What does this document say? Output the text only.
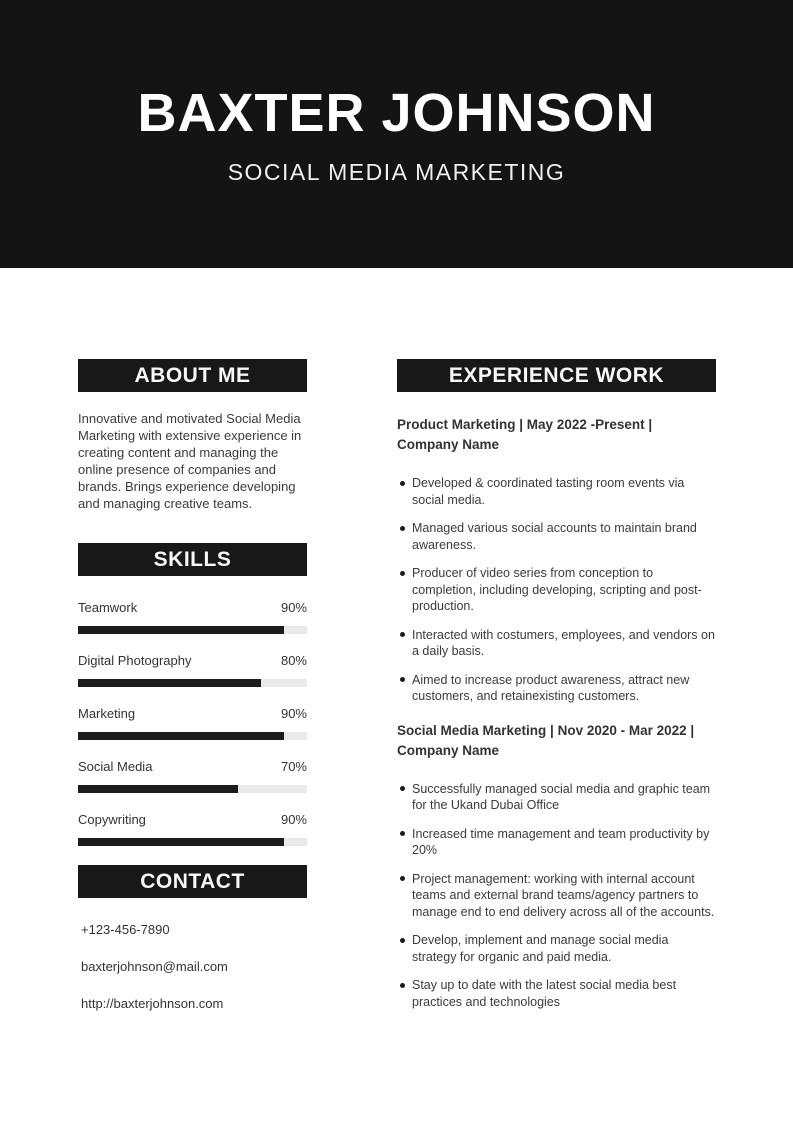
BAXTER JOHNSON
SOCIAL MEDIA MARKETING
ABOUT ME
Innovative and motivated Social Media Marketing with extensive experience in creating content and managing the online presence of companies and brands. Brings experience developing and managing creative teams.
SKILLS
Teamwork	90%
Digital Photography	80%
Marketing	90%
Social Media	70%
Copywriting	90%
CONTACT
+123-456-7890
baxterjohnson@mail.com
http://baxterjohnson.com
EXPERIENCE WORK
Product Marketing | May 2022 -Present |
Company Name
Developed & coordinated tasting room events via social media.
Managed various social accounts to maintain brand awareness.
Producer of video series from conception to completion, including developing, scripting and post-production.
Interacted with costumers, employees, and vendors on a daily basis.
Aimed to increase product awareness, attract new customers, and retainexisting customers.
Social Media Marketing | Nov 2020 - Mar 2022 |
Company Name
Successfully managed social media and graphic team for the Ukand Dubai Office
Increased time management and team productivity by 20%
Project management: working with internal account teams and external brand teams/agency partners to manage end to end delivery across all of the accounts.
Develop, implement and manage social media strategy for organic and paid media.
Stay up to date with the latest social media best practices and technologies
